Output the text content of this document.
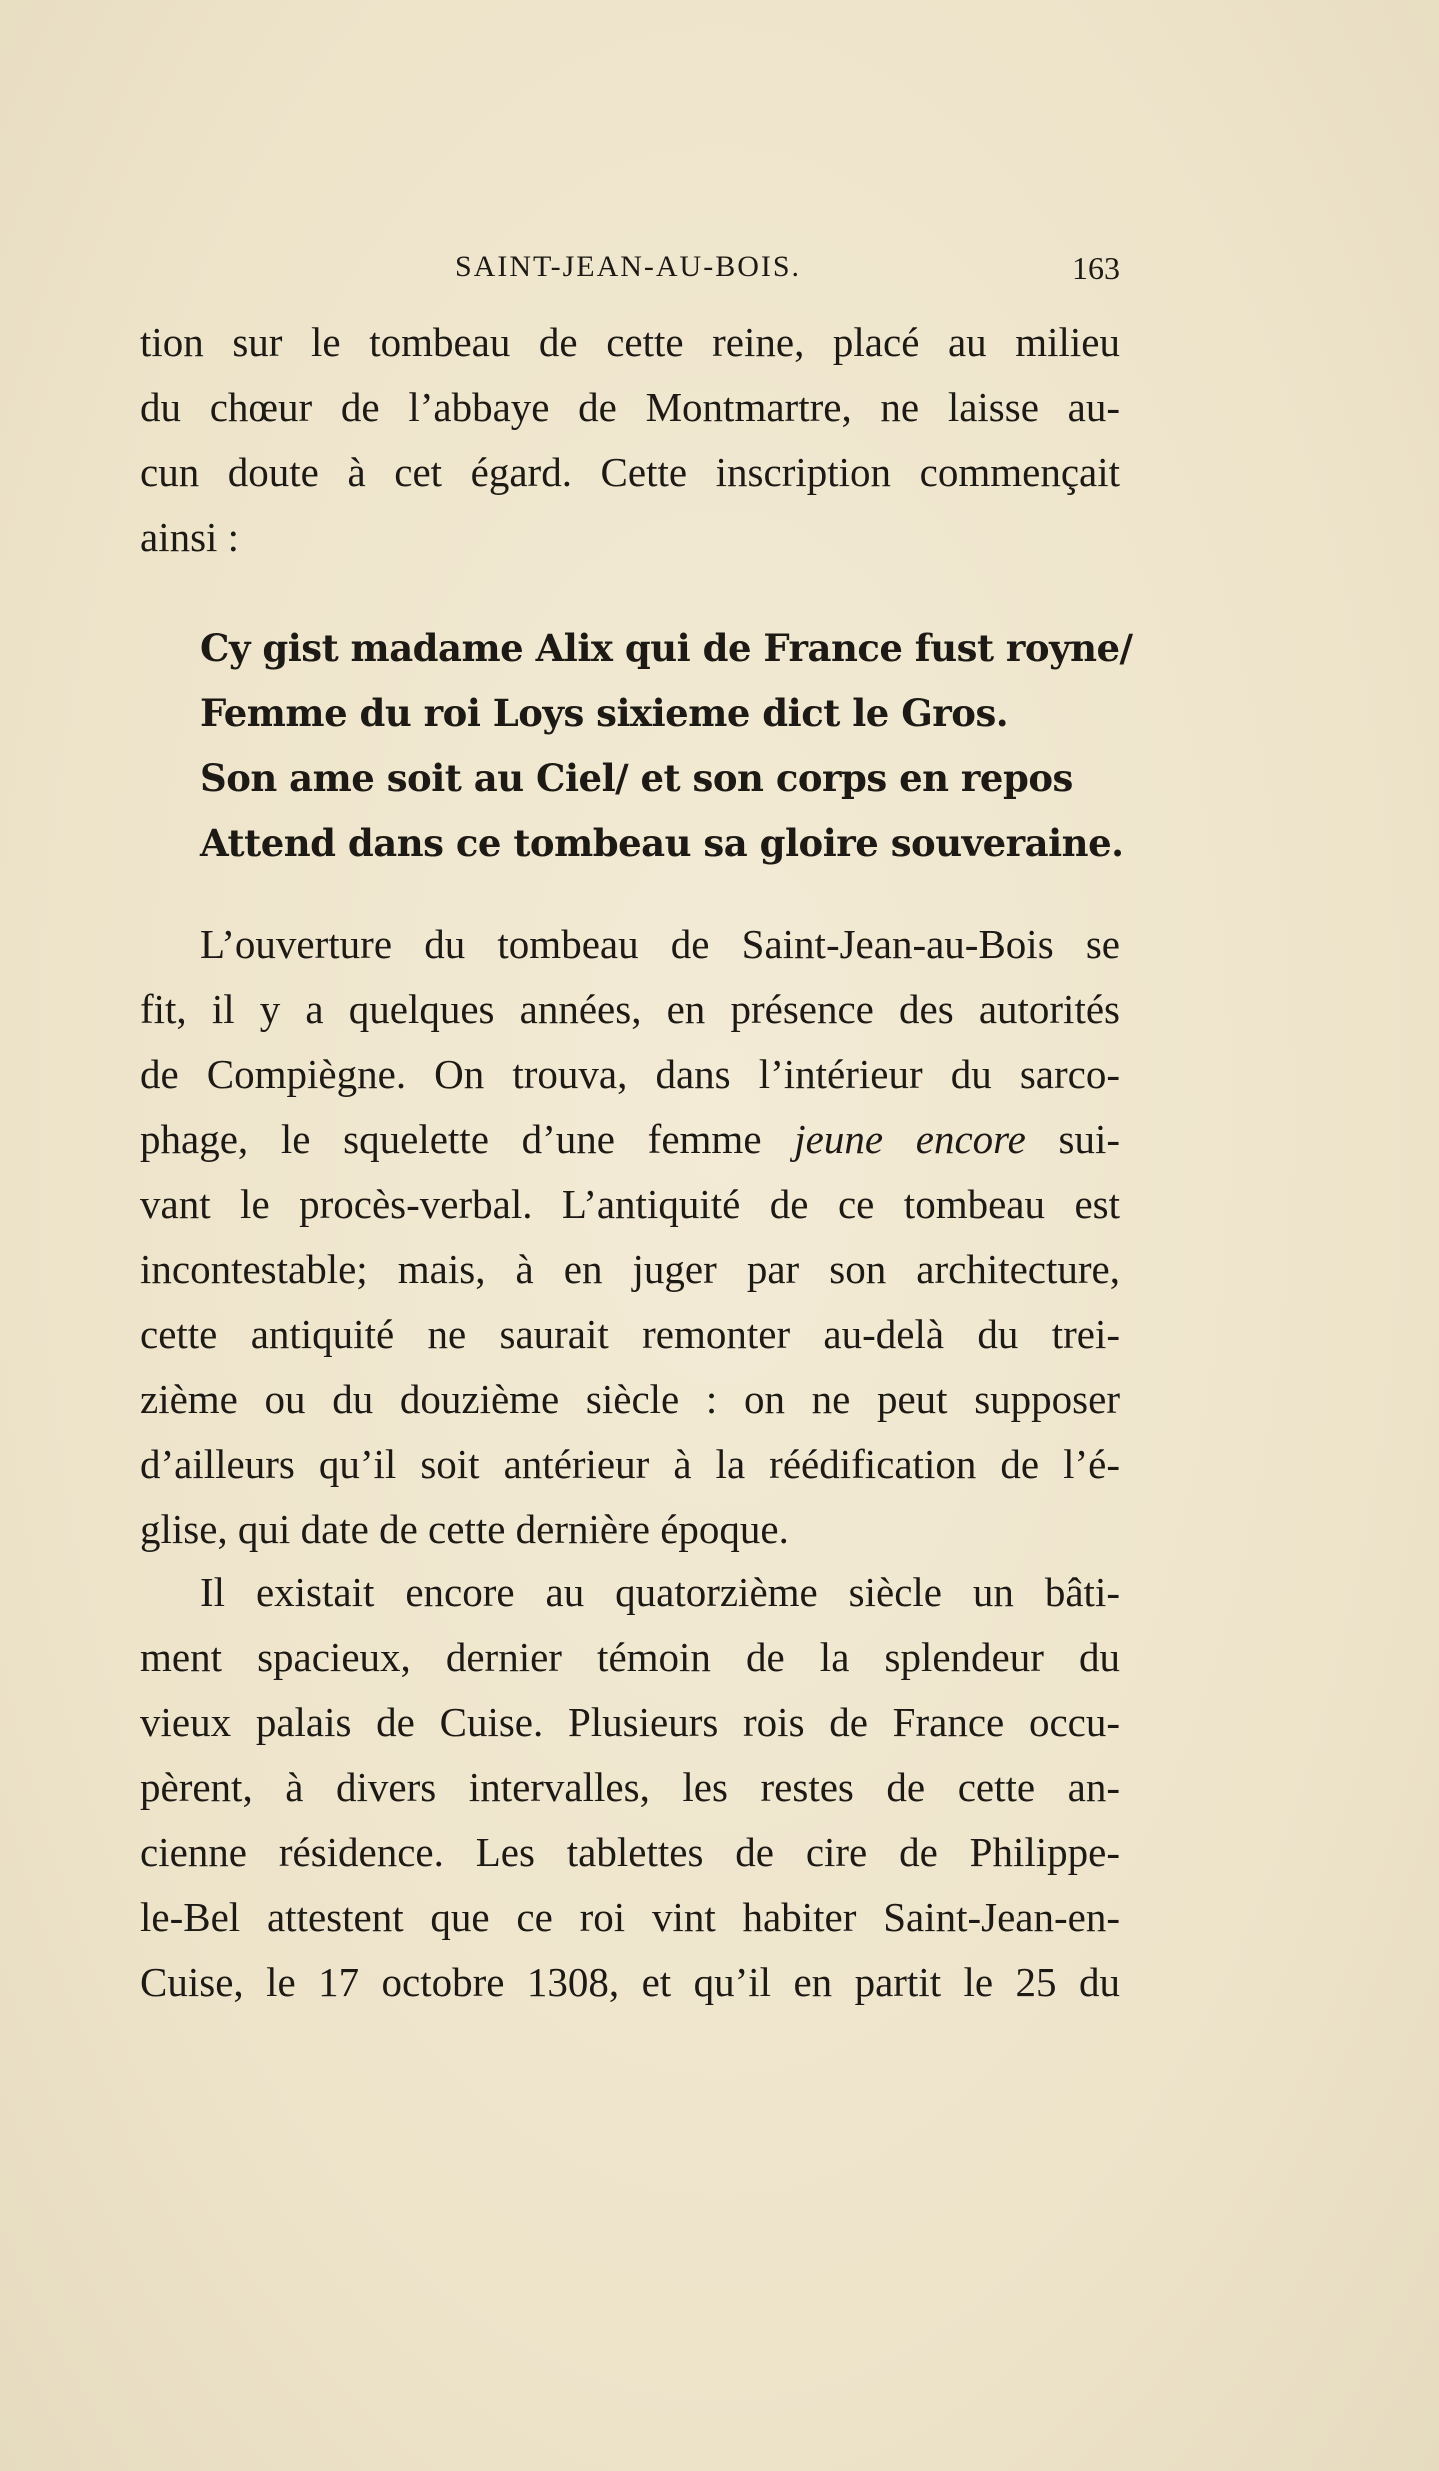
SAINT-JEAN-AU-BOIS.	163
tion sur le tombeau de cette reine, placé au milieu
du chœur de l’abbaye de Montmartre, ne laisse au-
cun doute à cet égard. Cette inscription commençait
ainsi :
Cy gist madame Alix qui de France fust royne/
Femme du roi Loys sixieme dict le Gros.
Son ame soit au Ciel/ et son corps en repos
Attend dans ce tombeau sa gloire souveraine.
L’ouverture du tombeau de Saint-Jean-au-Bois se
fit, il y a quelques années, en présence des autorités
de Compiègne. On trouva, dans l’intérieur du sarco-
phage, le squelette d’une femme jeune encore sui-
vant le procès-verbal. L’antiquité de ce tombeau est
incontestable; mais, à en juger par son architecture,
cette antiquité ne saurait remonter au-delà du trei-
zième ou du douzième siècle : on ne peut supposer
d’ailleurs qu’il soit antérieur à la réédification de l’é-
glise, qui date de cette dernière époque.
Il existait encore au quatorzième siècle un bâti-
ment spacieux, dernier témoin de la splendeur du
vieux palais de Cuise. Plusieurs rois de France occu-
pèrent, à divers intervalles, les restes de cette an-
cienne résidence. Les tablettes de cire de Philippe-
le-Bel attestent que ce roi vint habiter Saint-Jean-en-
Cuise, le 17 octobre 1308, et qu’il en partit le 25 du
